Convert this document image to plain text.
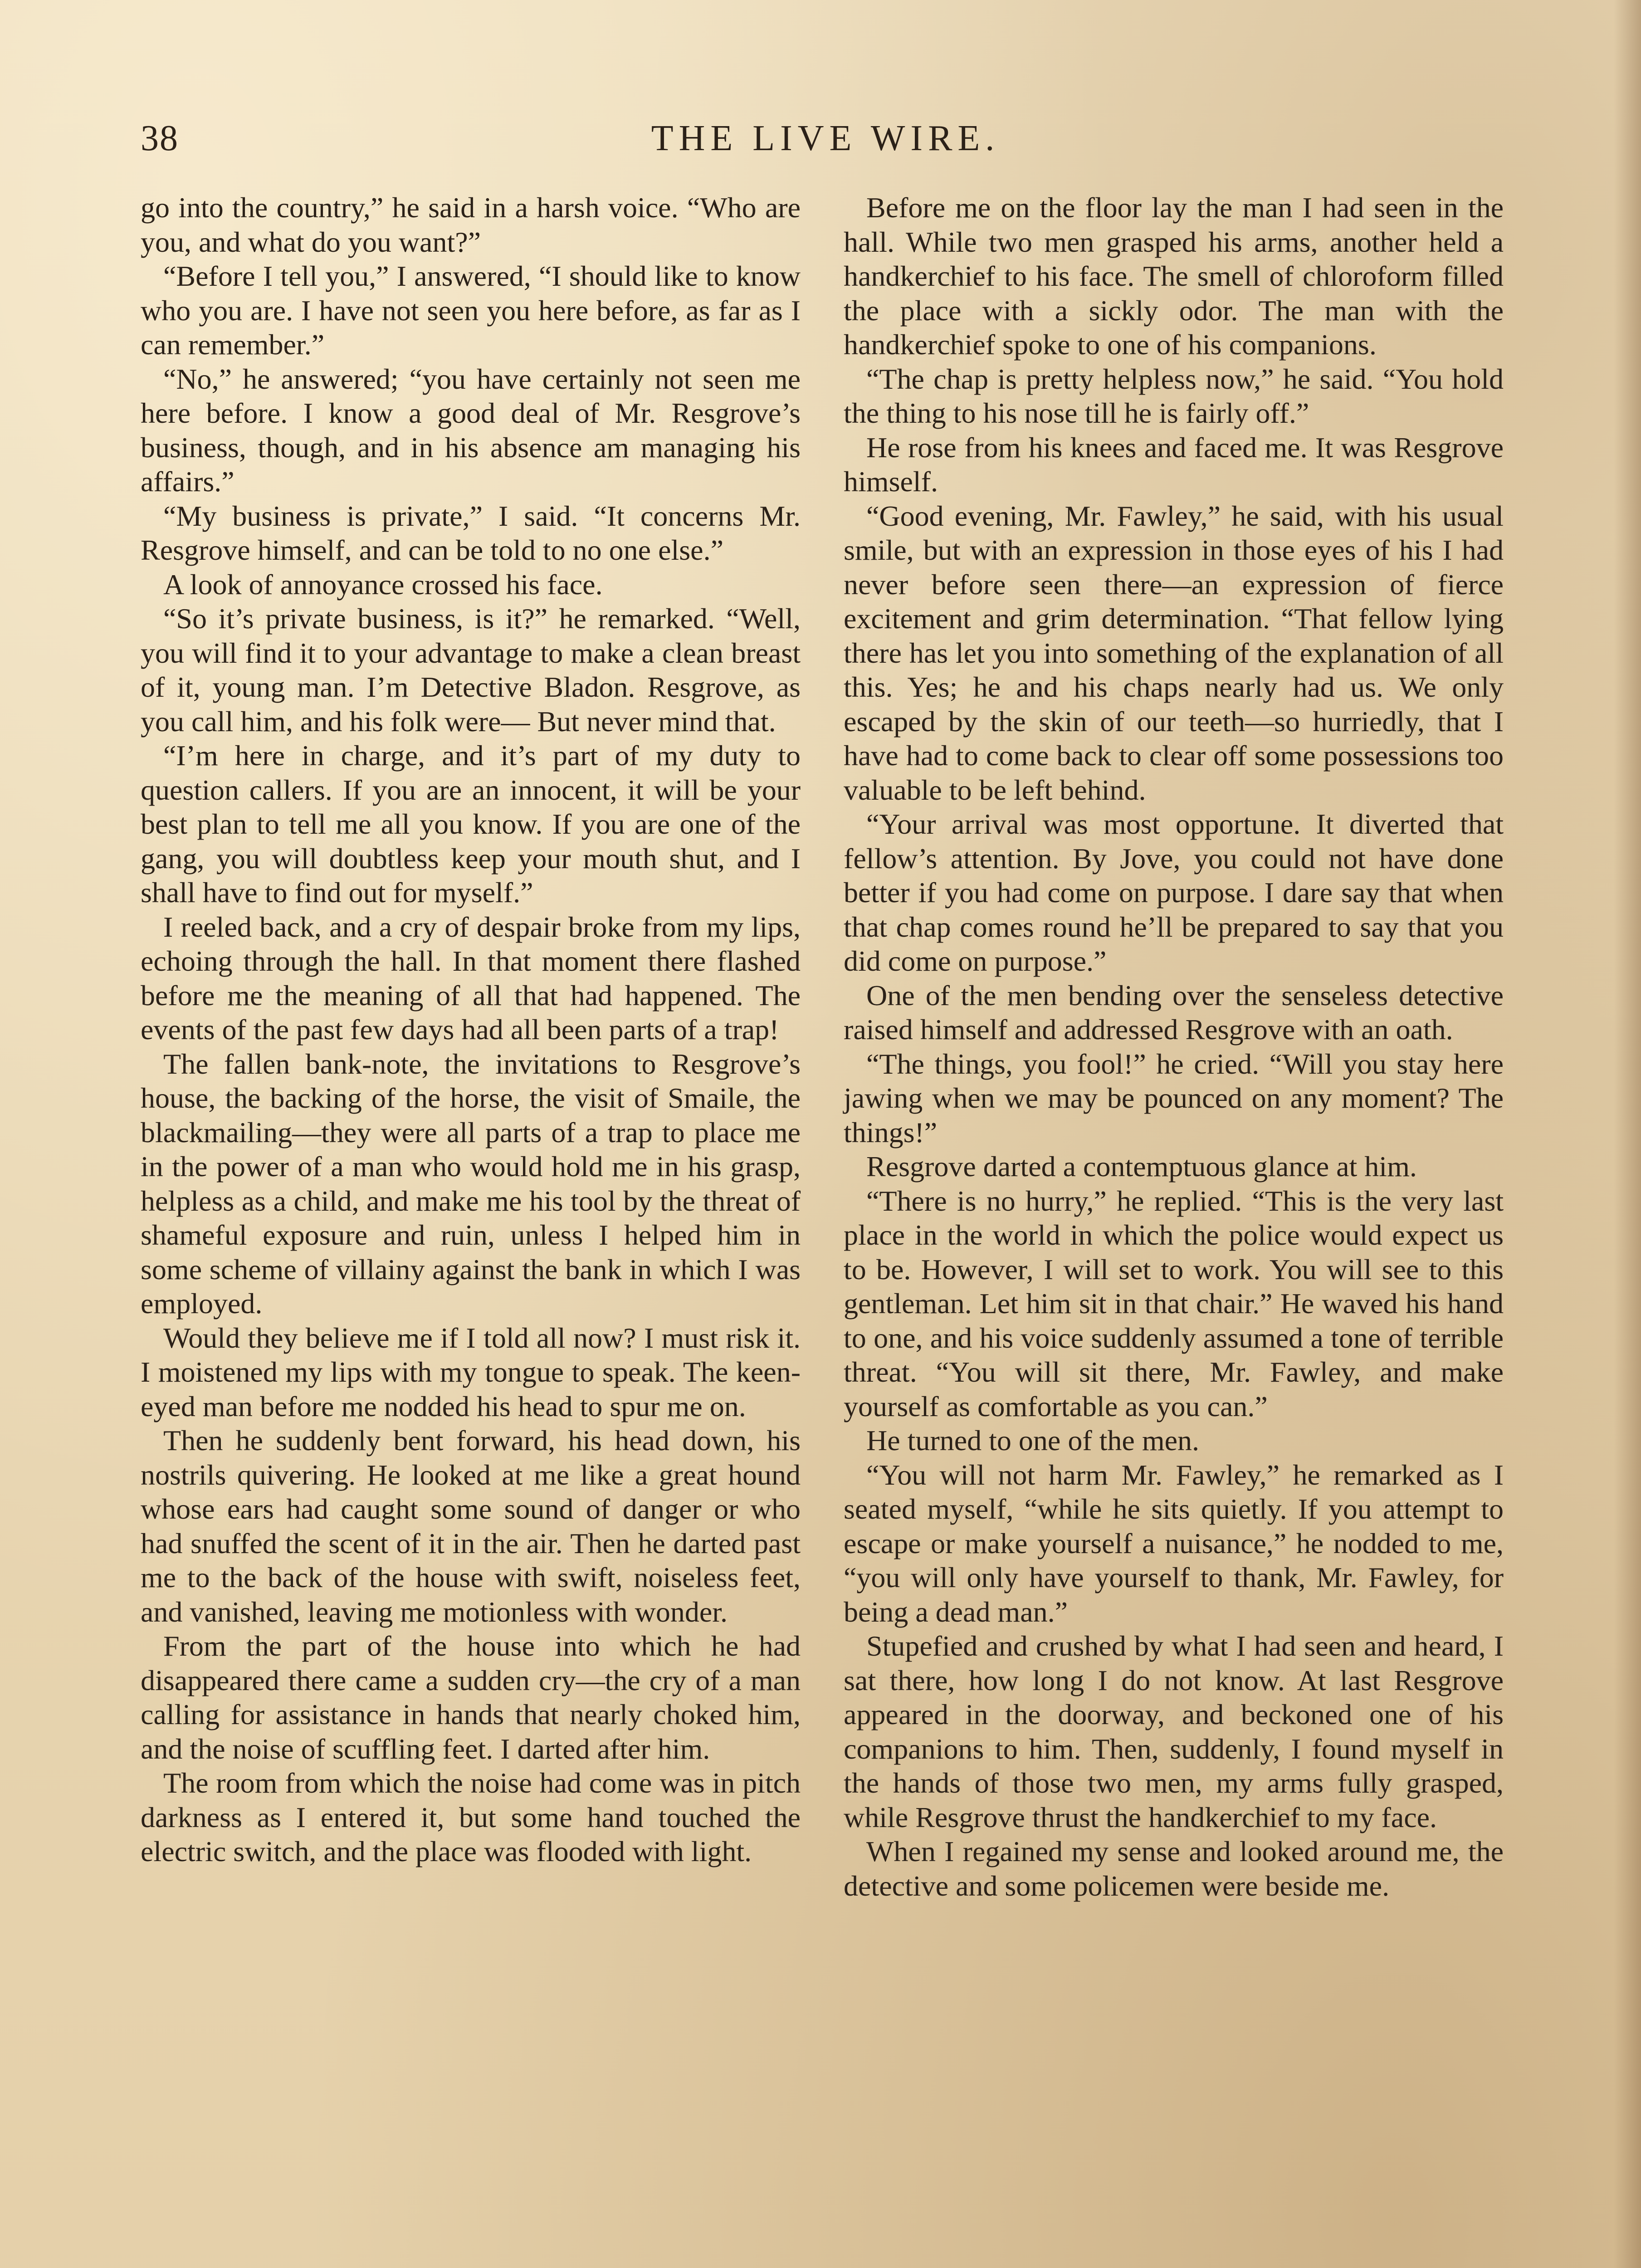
38	THE LIVE WIRE.

go into the country,” he said in a harsh voice. “Who are you, and what do you want?”

“Before I tell you,” I answered, “I should like to know who you are. I have not seen you here before, as far as I can remember.”

“No,” he answered; “you have certainly not seen me here before. I know a good deal of Mr. Resgrove’s business, though, and in his absence am managing his affairs.”

“My business is private,” I said. “It concerns Mr. Resgrove himself, and can be told to no one else.”

A look of annoyance crossed his face.

“So it’s private business, is it?” he remarked. “Well, you will find it to your advantage to make a clean breast of it, young man. I’m Detective Bladon. Resgrove, as you call him, and his folk were— But never mind that.

“I’m here in charge, and it’s part of my duty to question callers. If you are an innocent, it will be your best plan to tell me all you know. If you are one of the gang, you will doubtless keep your mouth shut, and I shall have to find out for myself.”

I reeled back, and a cry of despair broke from my lips, echoing through the hall. In that moment there flashed before me the meaning of all that had happened. The events of the past few days had all been parts of a trap!

The fallen bank-note, the invitations to Resgrove’s house, the backing of the horse, the visit of Smaile, the blackmailing—they were all parts of a trap to place me in the power of a man who would hold me in his grasp, helpless as a child, and make me his tool by the threat of shameful exposure and ruin, unless I helped him in some scheme of villainy against the bank in which I was employed.

Would they believe me if I told all now? I must risk it. I moistened my lips with my tongue to speak. The keen-eyed man before me nodded his head to spur me on.

Then he suddenly bent forward, his head down, his nostrils quivering. He looked at me like a great hound whose ears had caught some sound of danger or who had snuffed the scent of it in the air. Then he darted past me to the back of the house with swift, noiseless feet, and vanished, leaving me motionless with wonder.

From the part of the house into which he had disappeared there came a sudden cry—the cry of a man calling for assistance in hands that nearly choked him, and the noise of scuffling feet. I darted after him.

The room from which the noise had come was in pitch darkness as I entered it, but some hand touched the electric switch, and the place was flooded with light.

Before me on the floor lay the man I had seen in the hall. While two men grasped his arms, another held a handkerchief to his face. The smell of chloroform filled the place with a sickly odor. The man with the handkerchief spoke to one of his companions.

“The chap is pretty helpless now,” he said. “You hold the thing to his nose till he is fairly off.”

He rose from his knees and faced me. It was Resgrove himself.

“Good evening, Mr. Fawley,” he said, with his usual smile, but with an expression in those eyes of his I had never before seen there—an expression of fierce excitement and grim determination. “That fellow lying there has let you into something of the explanation of all this. Yes; he and his chaps nearly had us. We only escaped by the skin of our teeth—so hurriedly, that I have had to come back to clear off some possessions too valuable to be left behind.

“Your arrival was most opportune. It diverted that fellow’s attention. By Jove, you could not have done better if you had come on purpose. I dare say that when that chap comes round he’ll be prepared to say that you did come on purpose.”

One of the men bending over the senseless detective raised himself and addressed Resgrove with an oath.

“The things, you fool!” he cried. “Will you stay here jawing when we may be pounced on any moment? The things!”

Resgrove darted a contemptuous glance at him.

“There is no hurry,” he replied. “This is the very last place in the world in which the police would expect us to be. However, I will set to work. You will see to this gentleman. Let him sit in that chair.” He waved his hand to one, and his voice suddenly assumed a tone of terrible threat. “You will sit there, Mr. Fawley, and make yourself as comfortable as you can.”

He turned to one of the men.

“You will not harm Mr. Fawley,” he remarked as I seated myself, “while he sits quietly. If you attempt to escape or make yourself a nuisance,” he nodded to me, “you will only have yourself to thank, Mr. Fawley, for being a dead man.”

Stupefied and crushed by what I had seen and heard, I sat there, how long I do not know. At last Resgrove appeared in the doorway, and beckoned one of his companions to him. Then, suddenly, I found myself in the hands of those two men, my arms fully grasped, while Resgrove thrust the handkerchief to my face.

When I regained my sense and looked around me, the detective and some policemen were beside me.
